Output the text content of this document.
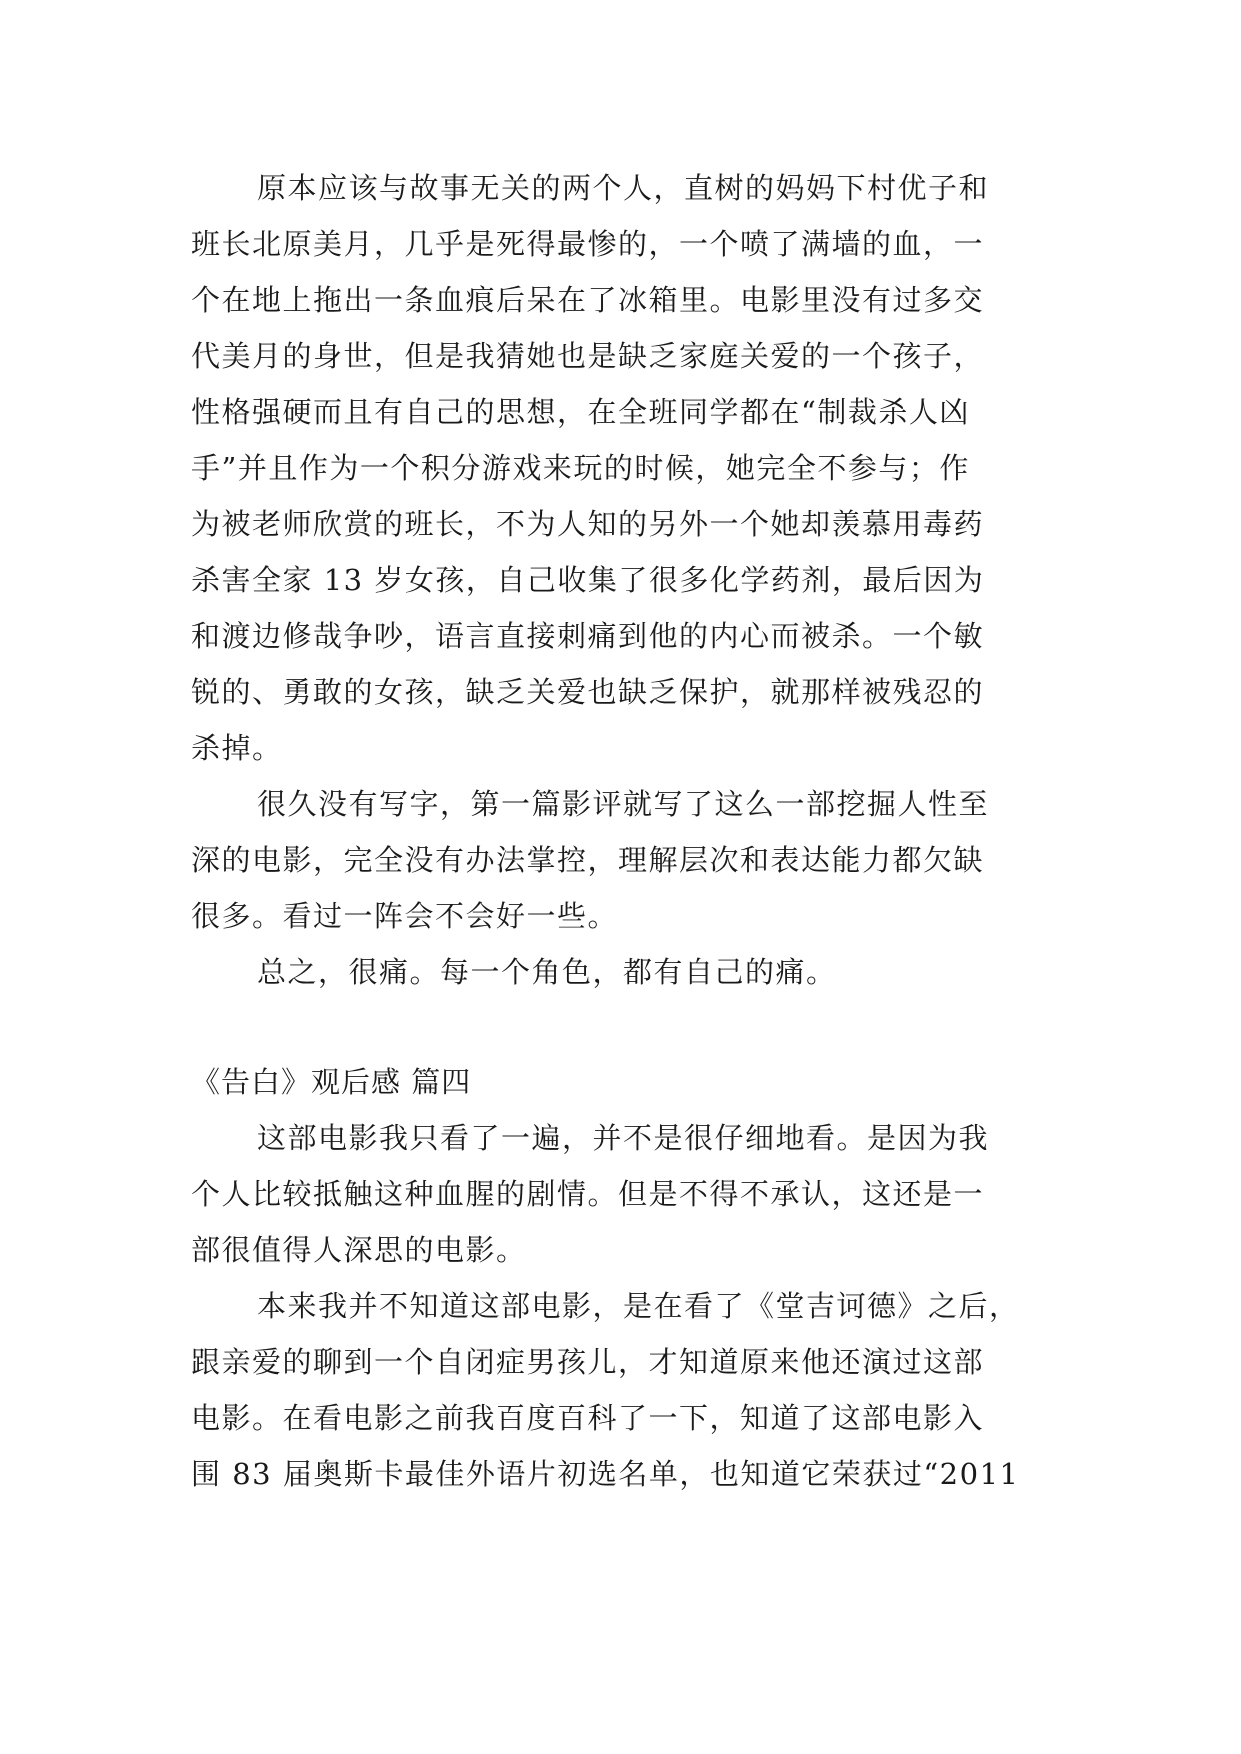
原本应该与故事无关的两个人，直树的妈妈下村优子和
班长北原美月，几乎是死得最惨的，一个喷了满墙的血，一
个在地上拖出一条血痕后呆在了冰箱里。电影里没有过多交
代美月的身世，但是我猜她也是缺乏家庭关爱的一个孩子，
性格强硬而且有自己的思想，在全班同学都在“制裁杀人凶
手”并且作为一个积分游戏来玩的时候，她完全不参与；作
为被老师欣赏的班长，不为人知的另外一个她却羡慕用毒药
杀害全家 13 岁女孩，自己收集了很多化学药剂，最后因为
和渡边修哉争吵，语言直接刺痛到他的内心而被杀。一个敏
锐的、勇敢的女孩，缺乏关爱也缺乏保护，就那样被残忍的
杀掉。
很久没有写字，第一篇影评就写了这么一部挖掘人性至
深的电影，完全没有办法掌控，理解层次和表达能力都欠缺
很多。看过一阵会不会好一些。
总之，很痛。每一个角色，都有自己的痛。
《告白》观后感 篇四
这部电影我只看了一遍，并不是很仔细地看。是因为我
个人比较抵触这种血腥的剧情。但是不得不承认，这还是一
部很值得人深思的电影。
本来我并不知道这部电影，是在看了《堂吉诃德》之后，
跟亲爱的聊到一个自闭症男孩儿，才知道原来他还演过这部
电影。在看电影之前我百度百科了一下，知道了这部电影入
围 83 届奥斯卡最佳外语片初选名单，也知道它荣获过“2011
